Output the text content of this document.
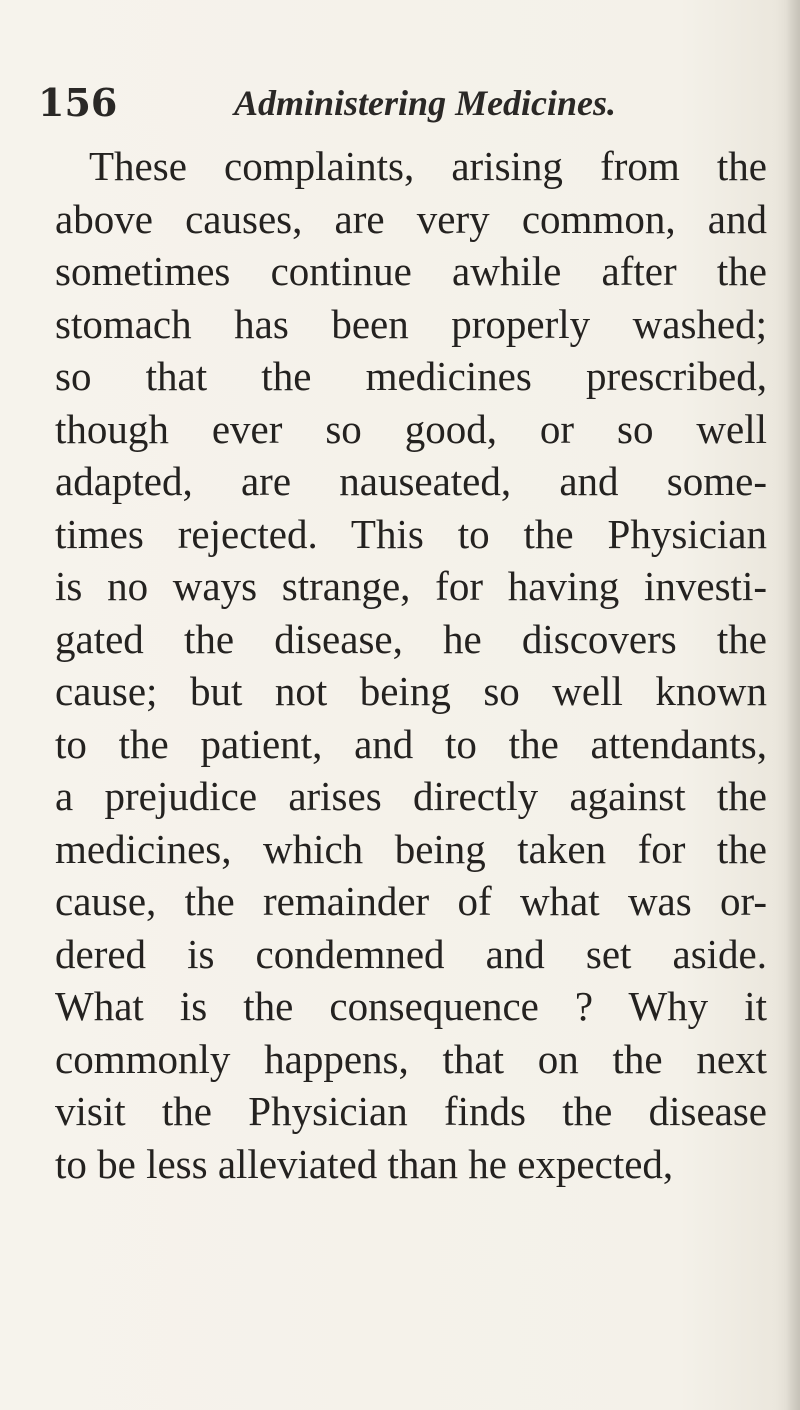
156	Administering Medicines.
These complaints, arising from the
above causes, are very common, and
sometimes continue awhile after the
stomach has been properly washed;
so that the medicines prescribed,
though ever so good, or so well
adapted, are nauseated, and some-
times rejected. This to the Physician
is no ways strange, for having investi-
gated the disease, he discovers the
cause; but not being so well known
to the patient, and to the attendants,
a prejudice arises directly against the
medicines, which being taken for the
cause, the remainder of what was or-
dered is condemned and set aside.
What is the consequence ? Why it
commonly happens, that on the next
visit the Physician finds the disease
to be less alleviated than he expected,
